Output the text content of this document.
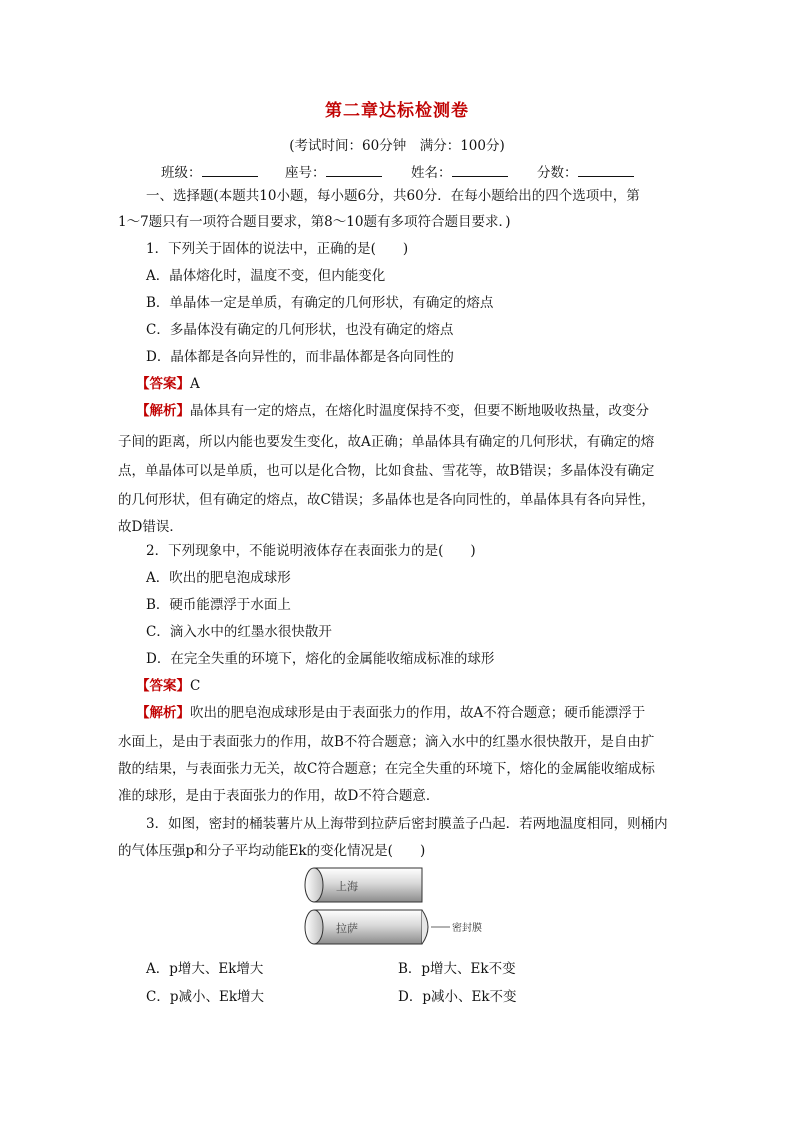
第二章达标检测卷
(考试时间：60分钟　满分：100分)
班级：	座号：	姓名：	分数：
一、选择题(本题共10小题，每小题6分，共60分．在每小题给出的四个选项中，第
1～7题只有一项符合题目要求，第8～10题有多项符合题目要求．)
1．下列关于固体的说法中，正确的是(　　)
A．晶体熔化时，温度不变，但内能变化
B．单晶体一定是单质，有确定的几何形状，有确定的熔点
C．多晶体没有确定的几何形状，也没有确定的熔点
D．晶体都是各向异性的，而非晶体都是各向同性的
【答案】A
【解析】晶体具有一定的熔点，在熔化时温度保持不变，但要不断地吸收热量，改变分
子间的距离，所以内能也要发生变化，故A正确；单晶体具有确定的几何形状，有确定的熔
点，单晶体可以是单质，也可以是化合物，比如食盐、雪花等，故B错误；多晶体没有确定
的几何形状，但有确定的熔点，故C错误；多晶体也是各向同性的，单晶体具有各向异性，
故D错误．
2．下列现象中，不能说明液体存在表面张力的是(　　)
A．吹出的肥皂泡成球形
B．硬币能漂浮于水面上
C．滴入水中的红墨水很快散开
D．在完全失重的环境下，熔化的金属能收缩成标准的球形
【答案】C
【解析】吹出的肥皂泡成球形是由于表面张力的作用，故A不符合题意；硬币能漂浮于
水面上，是由于表面张力的作用，故B不符合题意；滴入水中的红墨水很快散开，是自由扩
散的结果，与表面张力无关，故C符合题意；在完全失重的环境下，熔化的金属能收缩成标
准的球形，是由于表面张力的作用，故D不符合题意．
3．如图，密封的桶装薯片从上海带到拉萨后密封膜盖子凸起．若两地温度相同，则桶内
的气体压强p和分子平均动能Ek的变化情况是(　　)
上海
拉萨	密封膜
A．p增大、Ek增大	B．p增大、Ek不变
C．p减小、Ek增大	D．p减小、Ek不变
